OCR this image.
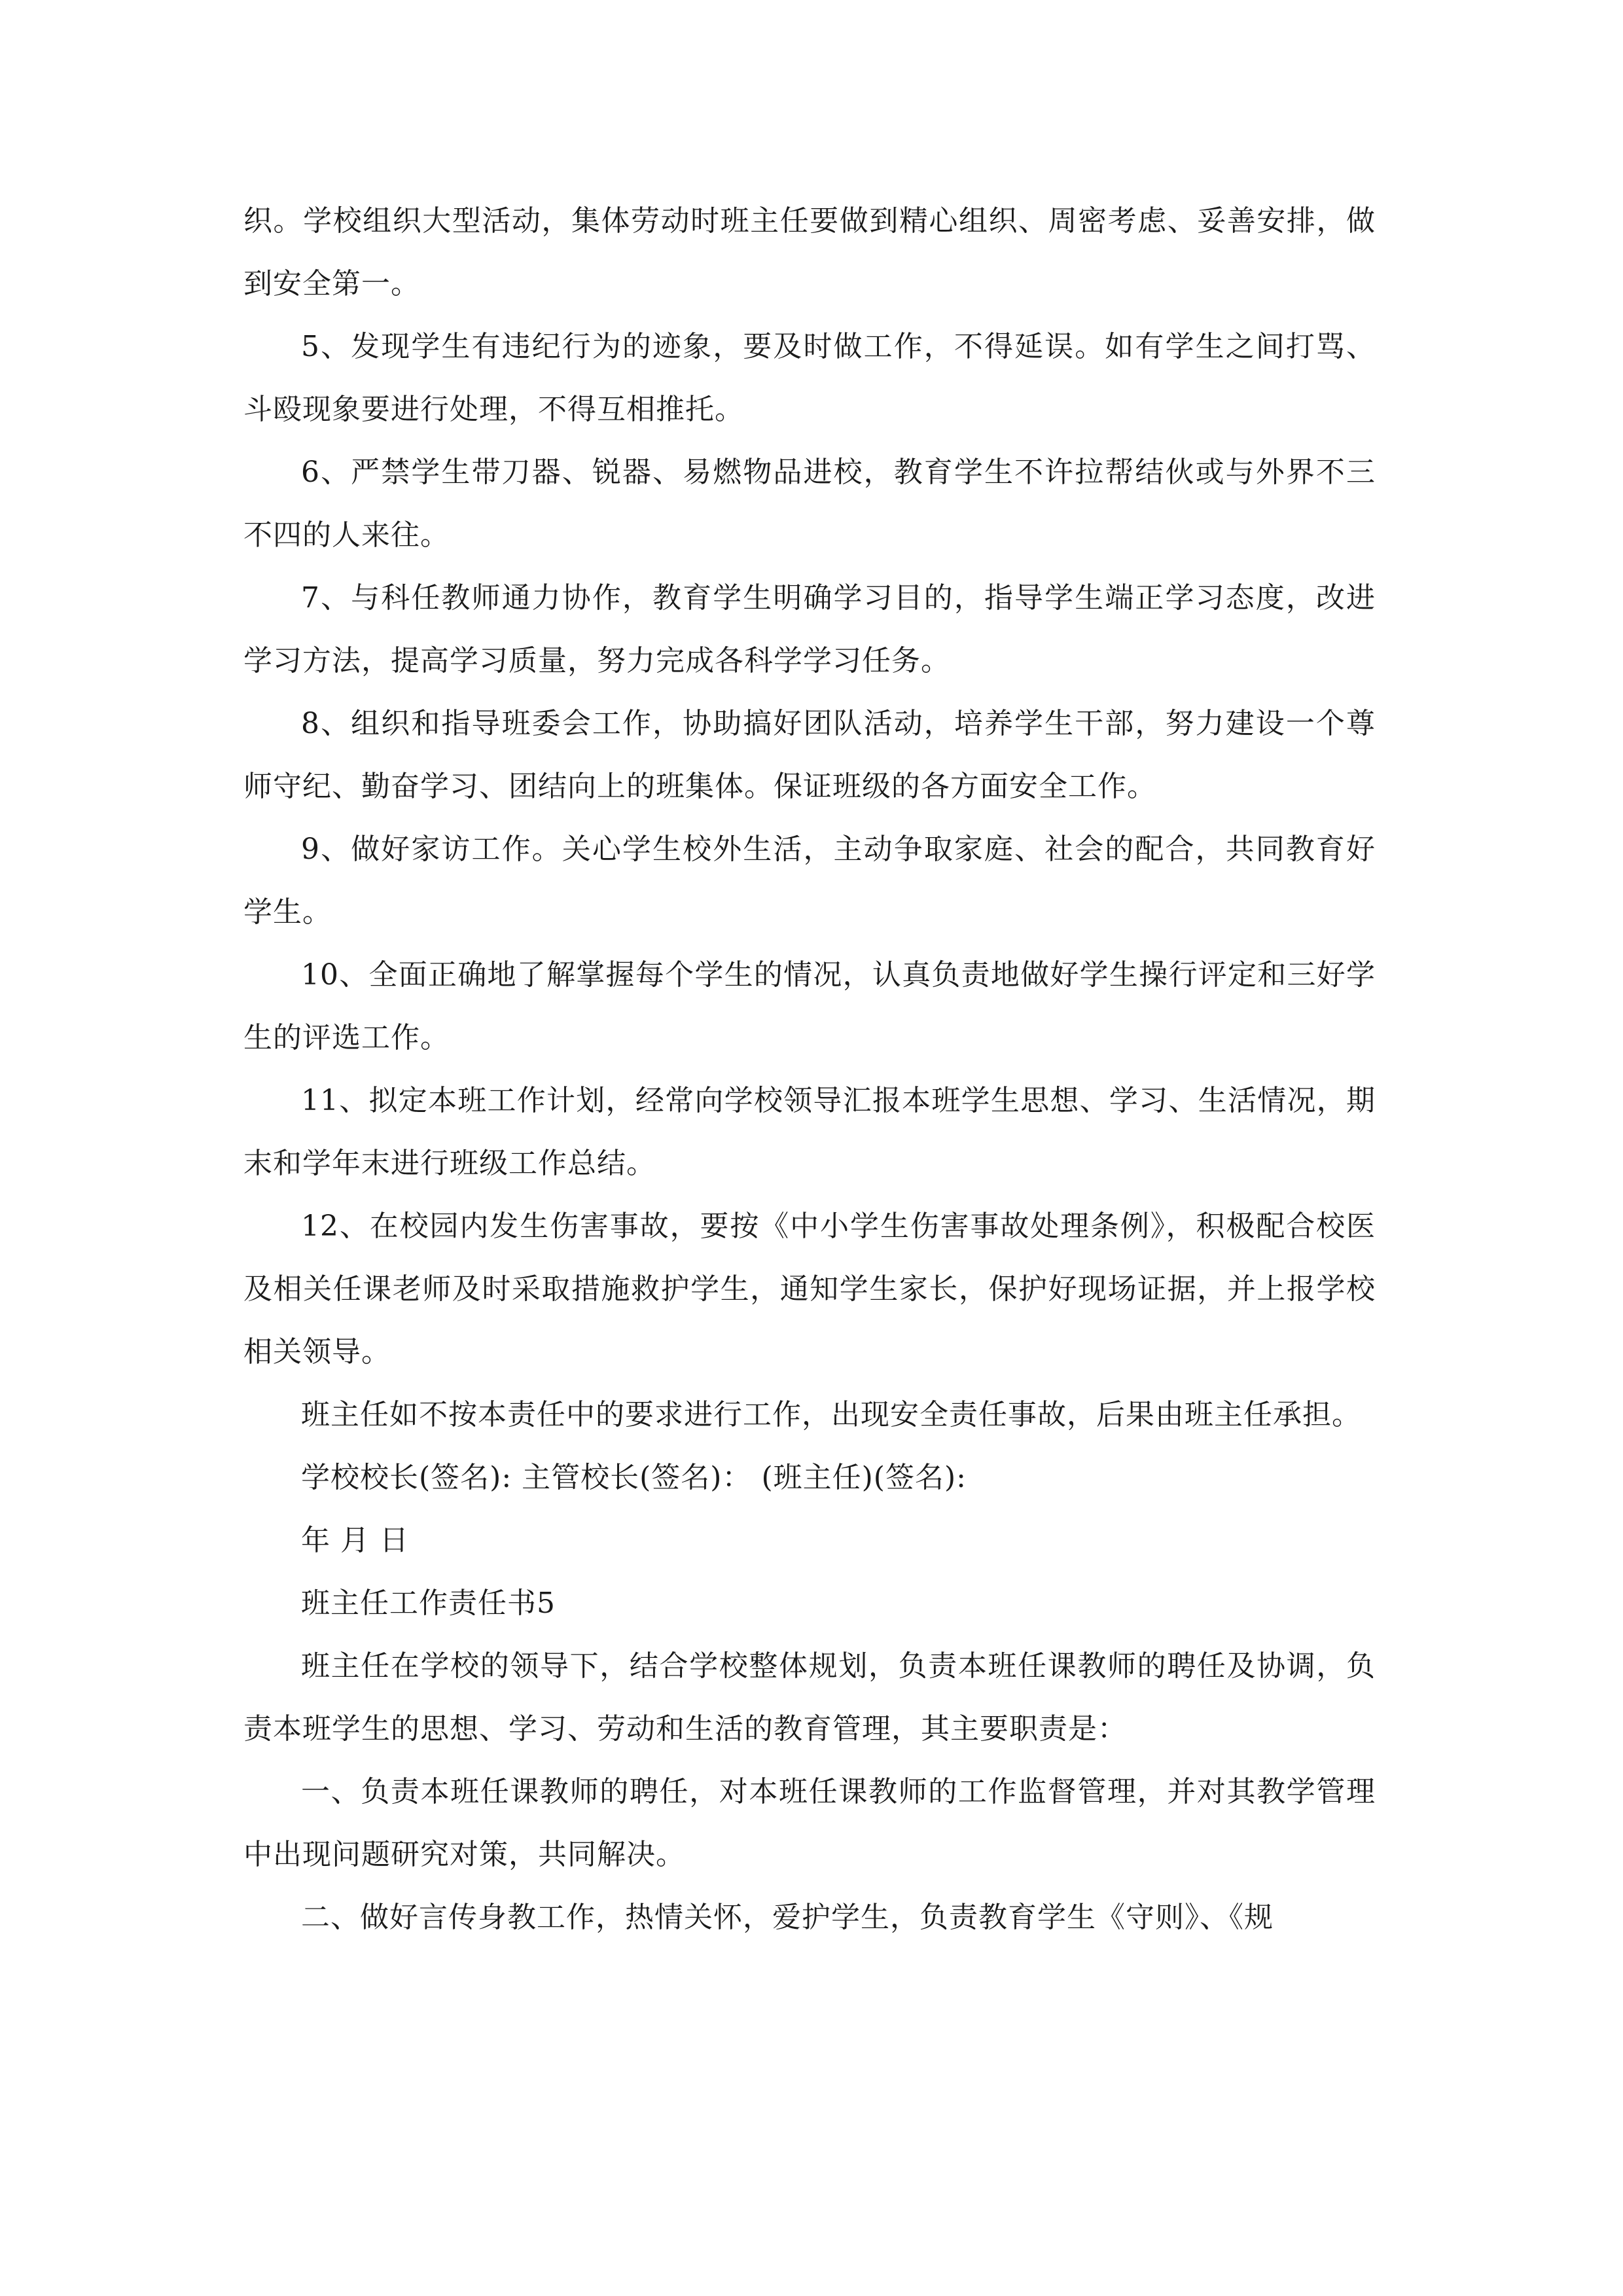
织。学校组织大型活动，集体劳动时班主任要做到精心组织、周密考虑、妥善安排，做到安全第一。

5、发现学生有违纪行为的迹象，要及时做工作，不得延误。如有学生之间打骂、斗殴现象要进行处理，不得互相推托。

6、严禁学生带刀器、锐器、易燃物品进校，教育学生不许拉帮结伙或与外界不三不四的人来往。

7、与科任教师通力协作，教育学生明确学习目的，指导学生端正学习态度，改进学习方法，提高学习质量，努力完成各科学学习任务。

8、组织和指导班委会工作，协助搞好团队活动，培养学生干部，努力建设一个尊师守纪、勤奋学习、团结向上的班集体。保证班级的各方面安全工作。

9、做好家访工作。关心学生校外生活，主动争取家庭、社会的配合，共同教育好学生。

10、全面正确地了解掌握每个学生的情况，认真负责地做好学生操行评定和三好学生的评选工作。

11、拟定本班工作计划，经常向学校领导汇报本班学生思想、学习、生活情况，期末和学年末进行班级工作总结。

12、在校园内发生伤害事故，要按《中小学生伤害事故处理条例》，积极配合校医及相关任课老师及时采取措施救护学生，通知学生家长，保护好现场证据，并上报学校相关领导。

班主任如不按本责任中的要求进行工作，出现安全责任事故，后果由班主任承担。

学校校长(签名): 主管校长(签名)： (班主任)(签名):

年 月 日

班主任工作责任书5

班主任在学校的领导下，结合学校整体规划，负责本班任课教师的聘任及协调，负责本班学生的思想、学习、劳动和生活的教育管理，其主要职责是：

一、负责本班任课教师的聘任，对本班任课教师的工作监督管理，并对其教学管理中出现问题研究对策，共同解决。

二、做好言传身教工作，热情关怀，爱护学生，负责教育学生《守则》、《规
